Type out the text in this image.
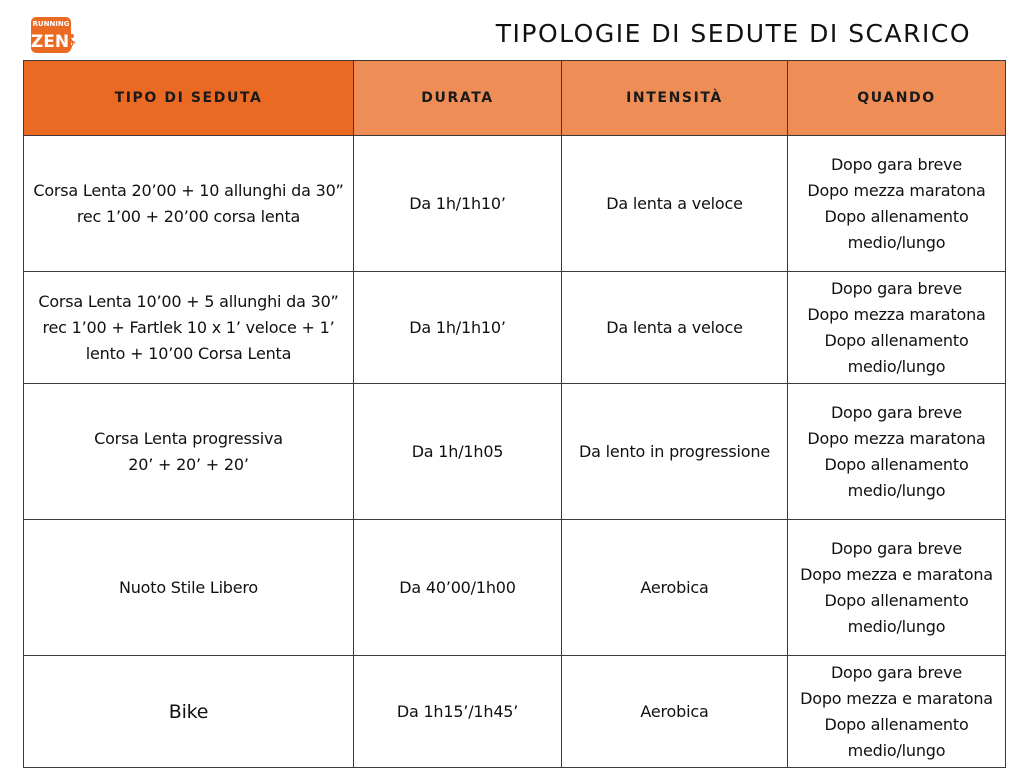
RUNNING
ZEN	TIPOLOGIE DI SEDUTE DI SCARICO
TIPO DI SEDUTA	DURATA	INTENSITÀ	QUANDO

Corsa Lenta 20’00 + 10 allunghi da 30”
rec 1’00 + 20’00 corsa lenta	Da 1h/1h10’	Da lenta a veloce	Dopo gara breve
Dopo mezza maratona
Dopo allenamento
medio/lungo

Corsa Lenta 10’00 + 5 allunghi da 30”
rec 1’00 + Fartlek 10 x 1’ veloce + 1’
lento + 10’00 Corsa Lenta	Da 1h/1h10’	Da lenta a veloce	Dopo gara breve
Dopo mezza maratona
Dopo allenamento
medio/lungo

Corsa Lenta progressiva
20’ + 20’ + 20’	Da 1h/1h05	Da lento in progressione	Dopo gara breve
Dopo mezza maratona
Dopo allenamento
medio/lungo

Nuoto Stile Libero	Da 40’00/1h00	Aerobica	Dopo gara breve
Dopo mezza e maratona
Dopo allenamento
medio/lungo

Bike	Da 1h15’/1h45’	Aerobica	Dopo gara breve
Dopo mezza e maratona
Dopo allenamento
medio/lungo
